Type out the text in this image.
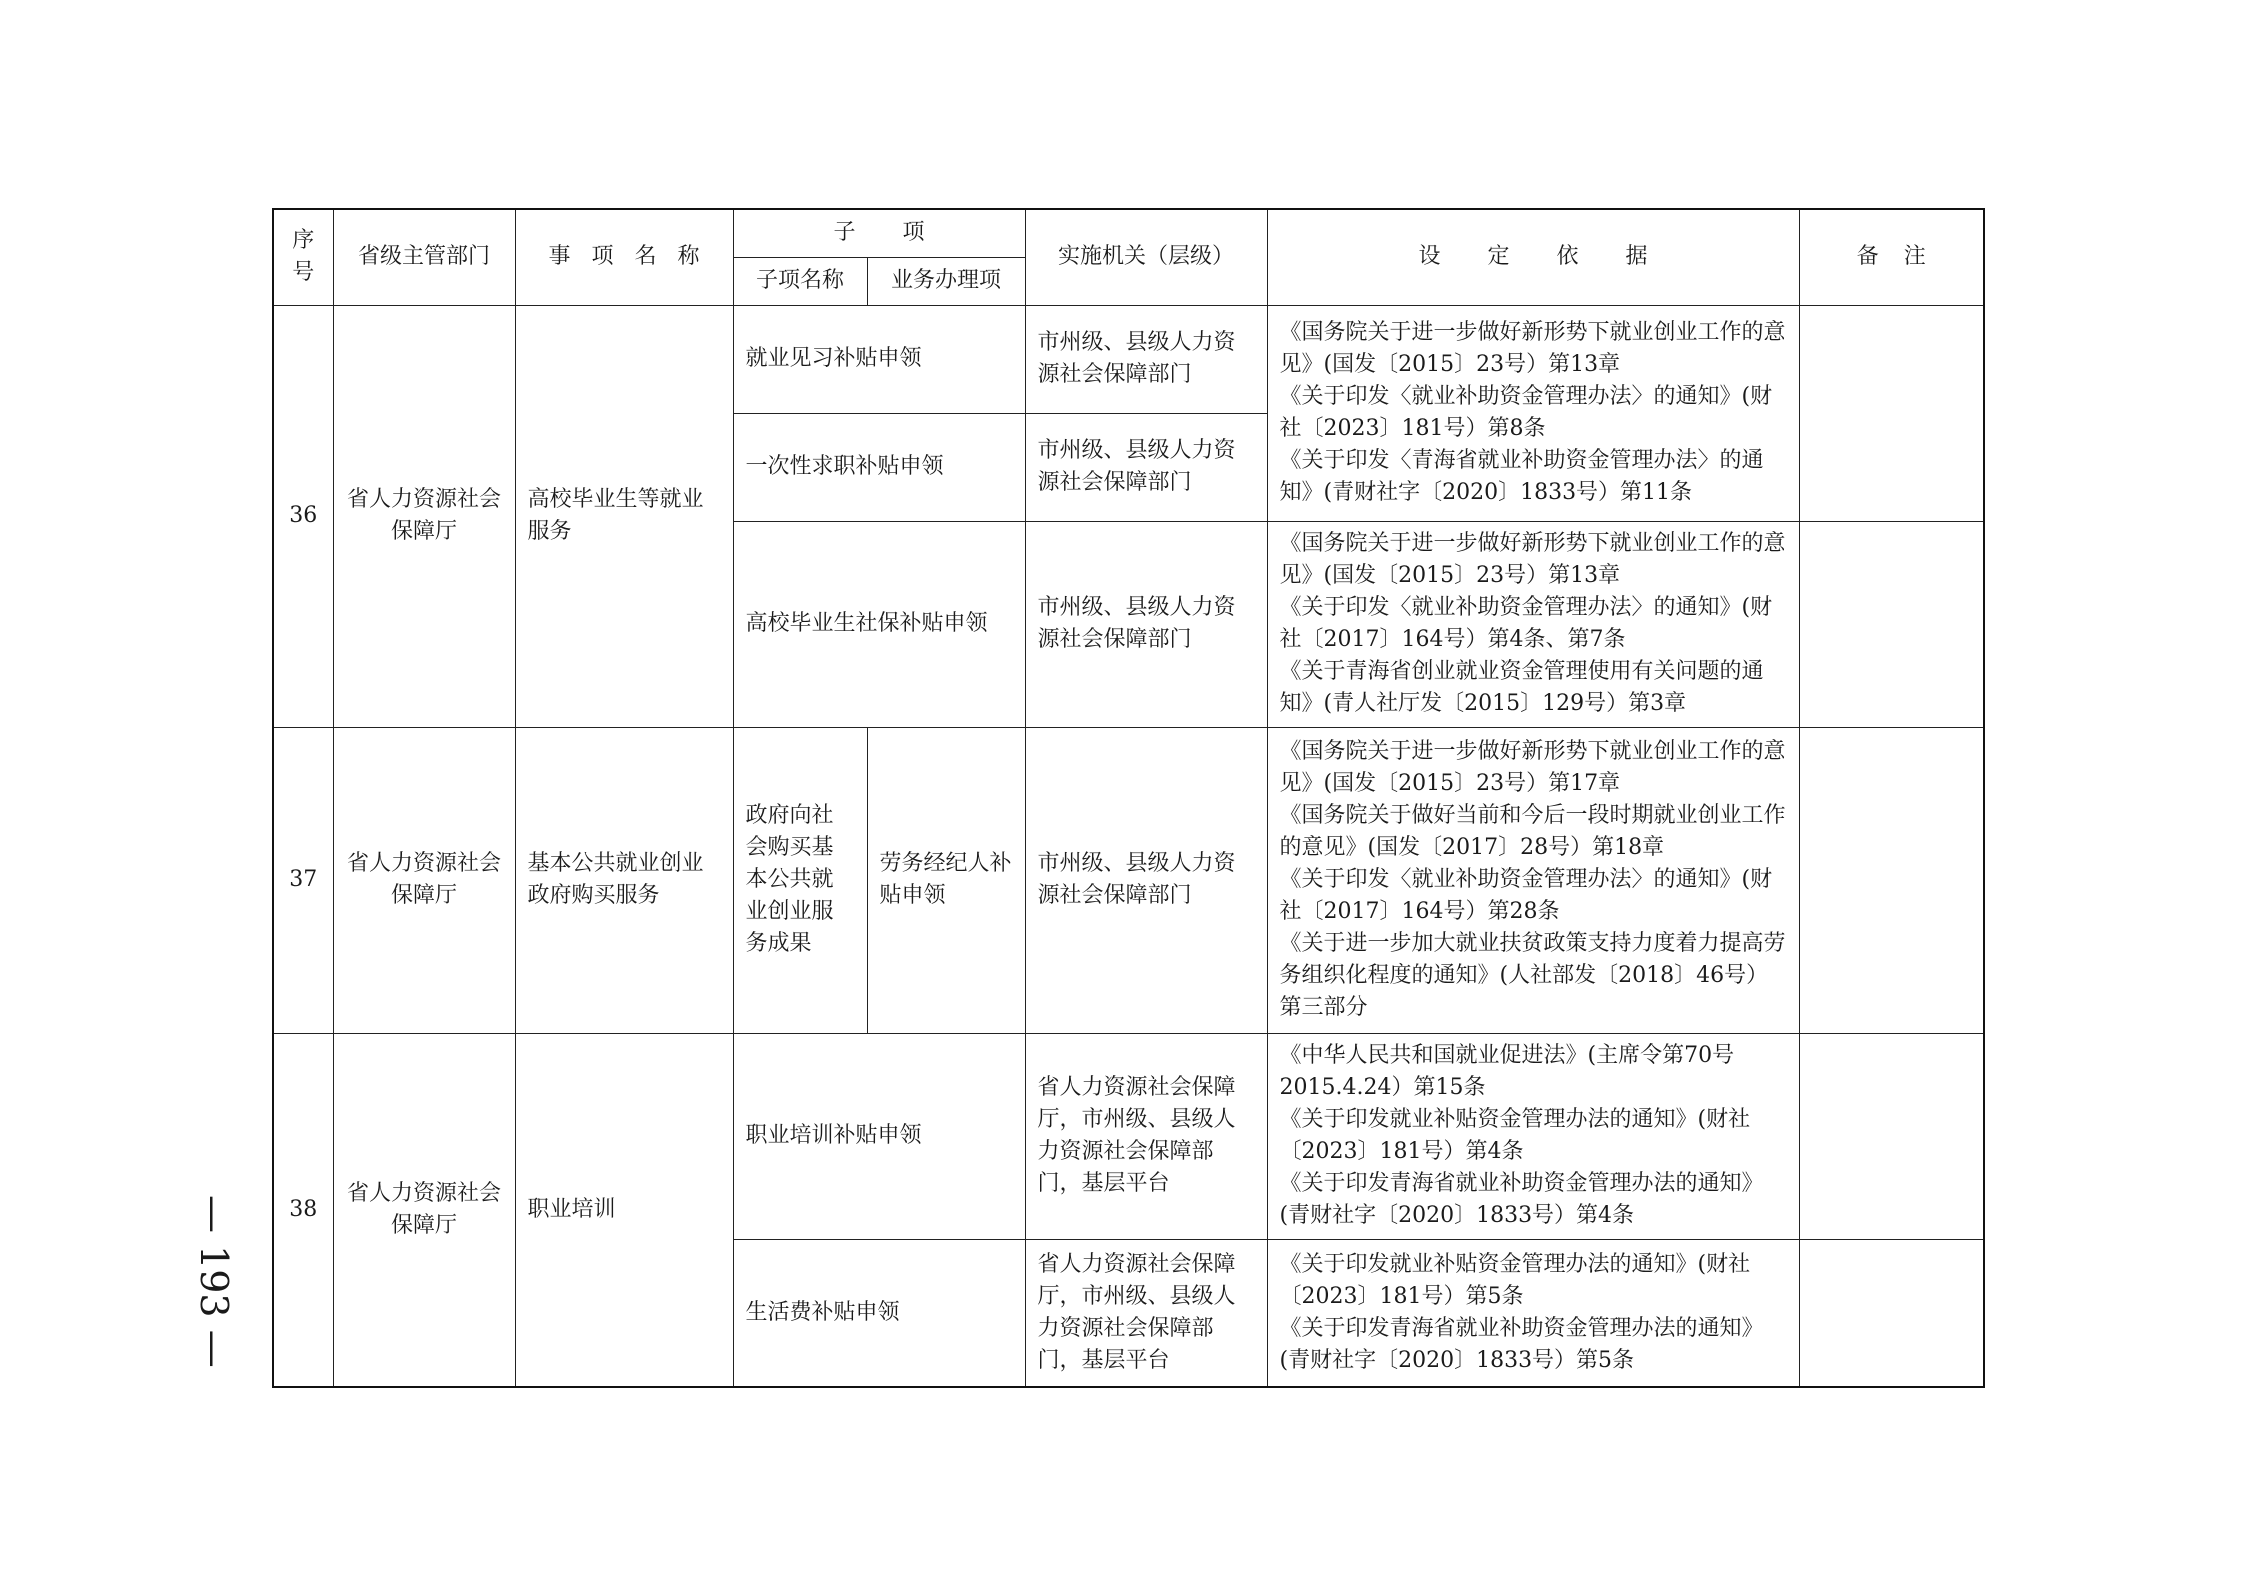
序号	省级主管部门	事 项 名 称	子 项		实施机关（层级）	设 定 依 据	备 注
			子项名称	业务办理项			
36	省人力资源社会保障厅	高校毕业生等就业服务	就业见习补贴申领		市州级、县级人力资源社会保障部门	《国务院关于进一步做好新形势下就业创业工作的意见》(国发〔2015〕23号）第13章
《关于印发〈就业补助资金管理办法〉的通知》(财社〔2023〕181号）第8条
《关于印发〈青海省就业补助资金管理办法〉的通知》(青财社字〔2020〕1833号）第11条	

			一次性求职补贴申领		市州级、县级人力资源社会保障部门		
			高校毕业生社保补贴申领		市州级、县级人力资源社会保障部门	《国务院关于进一步做好新形势下就业创业工作的意见》(国发〔2015〕23号）第13章
《关于印发〈就业补助资金管理办法〉的通知》(财社〔2017〕164号）第4条、第7条
《关于青海省创业就业资金管理使用有关问题的通知》(青人社厅发〔2015〕129号）第3章	

37	省人力资源社会保障厅	基本公共就业创业政府购买服务	政府向社会购买基本公共就业创业服务成果	劳务经纪人补贴申领	市州级、县级人力资源社会保障部门	《国务院关于进一步做好新形势下就业创业工作的意见》(国发〔2015〕23号）第17章
《国务院关于做好当前和今后一段时期就业创业工作的意见》(国发〔2017〕28号）第18章
《关于印发〈就业补助资金管理办法〉的通知》(财社〔2017〕164号）第28条
《关于进一步加大就业扶贫政策支持力度着力提高劳务组织化程度的通知》(人社部发〔2018〕46号）第三部分	

38	省人力资源社会保障厅	职业培训	职业培训补贴申领		省人力资源社会保障厅，市州级、县级人力资源社会保障部门，基层平台	《中华人民共和国就业促进法》(主席令第70号 2015.4.24）第15条
《关于印发就业补贴资金管理办法的通知》(财社〔2023〕181号）第4条
《关于印发青海省就业补助资金管理办法的通知》(青财社字〔2020〕1833号）第4条	

			生活费补贴申领		省人力资源社会保障厅，市州级、县级人力资源社会保障部门，基层平台	《关于印发就业补贴资金管理办法的通知》(财社〔2023〕181号）第5条
《关于印发青海省就业补助资金管理办法的通知》(青财社字〔2020〕1833号）第5条	

— 193 —
